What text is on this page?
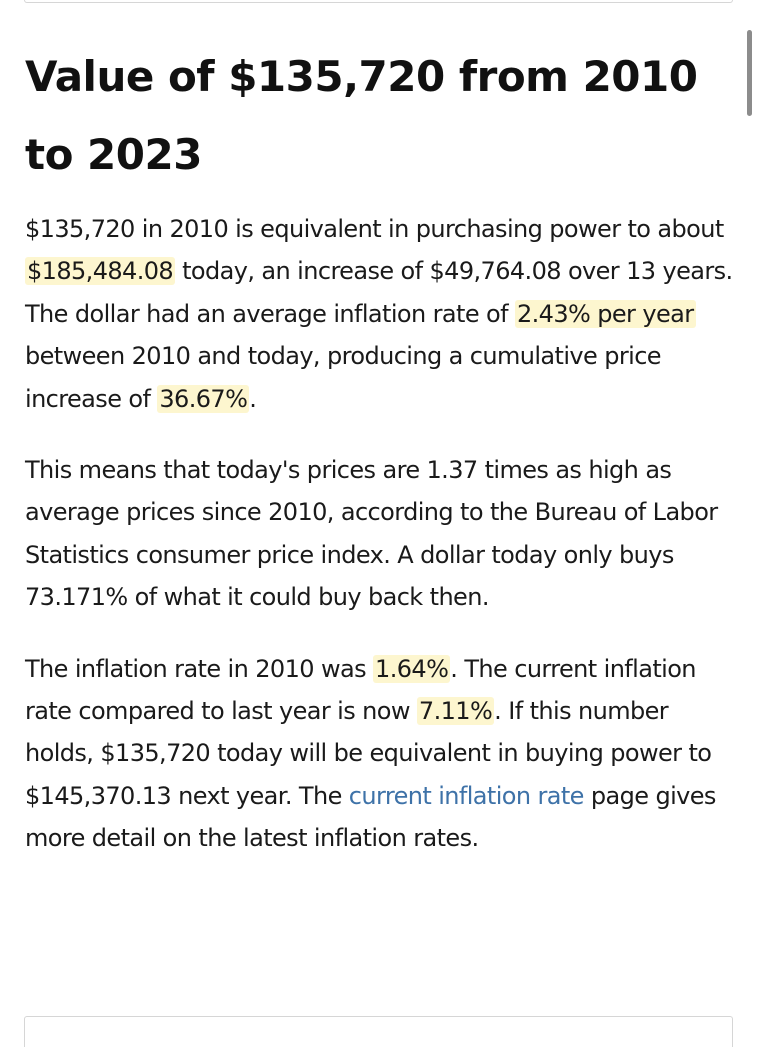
Value of $135,720 from 2010 to 2023

$135,720 in 2010 is equivalent in purchasing power to about $185,484.08 today, an increase of $49,764.08 over 13 years. The dollar had an average inflation rate of 2.43% per year between 2010 and today, producing a cumulative price increase of 36.67%.

This means that today's prices are 1.37 times as high as average prices since 2010, according to the Bureau of Labor Statistics consumer price index. A dollar today only buys 73.171% of what it could buy back then.

The inflation rate in 2010 was 1.64%. The current inflation rate compared to last year is now 7.11%. If this number holds, $135,720 today will be equivalent in buying power to $145,370.13 next year. The current inflation rate page gives more detail on the latest inflation rates.
